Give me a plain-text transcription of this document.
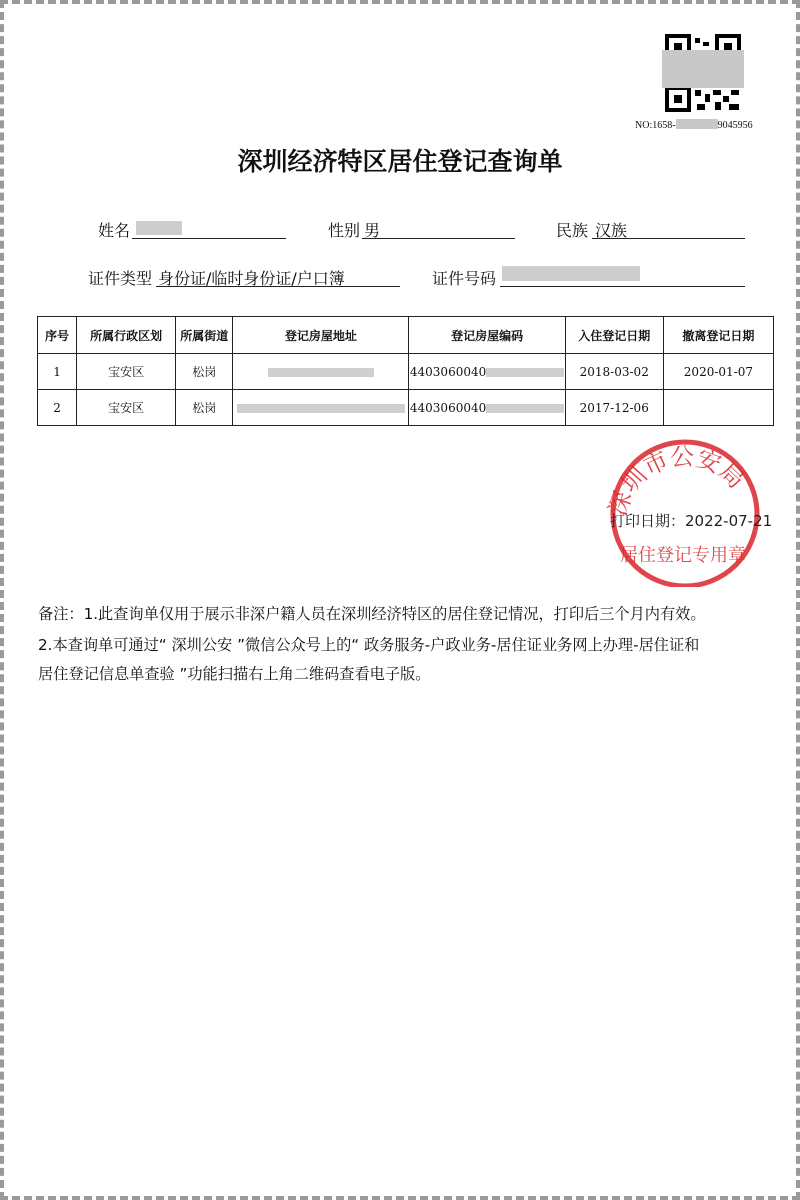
NO:1658-	9045956
深圳经济特区居住登记查询单
姓名	性别 男	民族 汉族
证件类型 身份证/临时身份证/户口簿	证件号码
序号	所属行政区划	所属街道	登记房屋地址	登记房屋编码	入住登记日期	撤离登记日期
1	宝安区	松岗		4403060040	2018-03-02	2020-01-07
2	宝安区	松岗		4403060040	2017-12-06	
深圳市公安局
居住登记专用章
打印日期：2022-07-21

备注：1.此查询单仅用于展示非深户籍人员在深圳经济特区的居住登记情况，打印后三个月内有效。

2.本查询单可通过“ 深圳公安 ”微信公众号上的“ 政务服务-户政业务-居住证业务网上办理-居住证和

居住登记信息单查验 ”功能扫描右上角二维码查看电子版。
